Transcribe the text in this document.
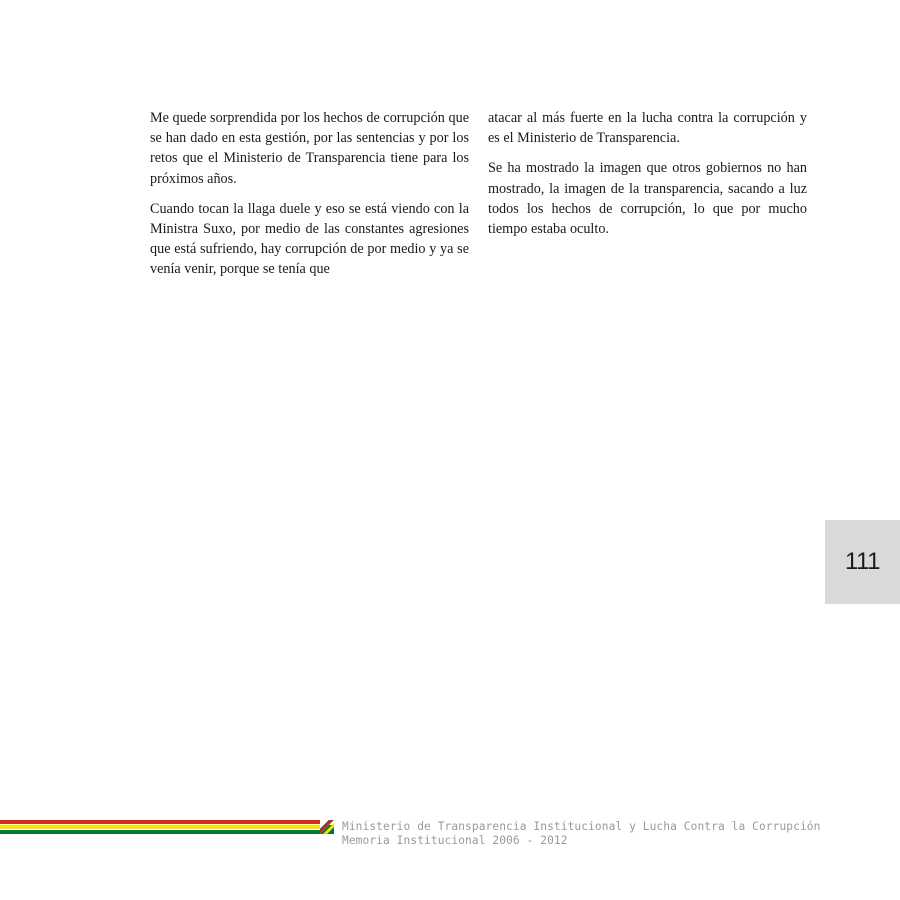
Me quede sorprendida por los hechos de corrupción que se han dado en esta gestión, por las sentencias y por los retos que el Ministerio de Transparencia tiene para los próximos años.

Cuando tocan la llaga duele y eso se está viendo con la Ministra Suxo, por medio de las constantes agresiones que está sufriendo, hay corrupción de por medio y ya se venía venir, porque se tenía que

atacar al más fuerte en la lucha contra la corrupción y es el Ministerio de Transparencia.

Se ha mostrado la imagen que otros gobiernos no han mostrado, la imagen de la transparencia, sacando a luz todos los hechos de corrupción, lo que por mucho tiempo estaba oculto.

111
Ministerio de Transparencia Institucional y Lucha Contra la Corrupción
Memoria Institucional 2006 - 2012
